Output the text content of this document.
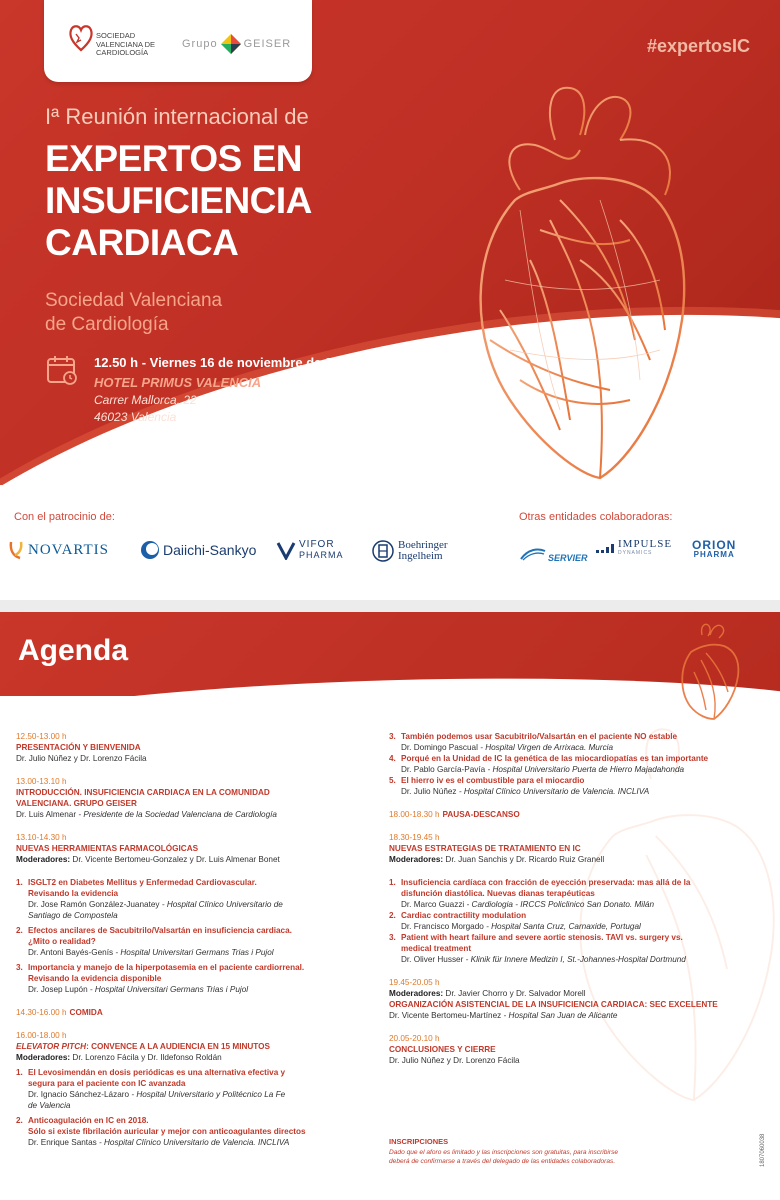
SOCIEDAD VALENCIANA DE CARDIOLOGÍA
Grupo GEISER	#expertosIC
Iª Reunión internacional de
EXPERTOS EN
INSUFICIENCIA
CARDIACA
Sociedad Valenciana
de Cardiología
12.50 h - Viernes 16 de noviembre de 2018
HOTEL PRIMUS VALENCIA
Carrer Mallorca, 22
46023 Valencia
Con el patrocinio de:	Otras entidades colaboradoras:
NOVARTIS	Daiichi-Sankyo	VIFOR
PHARMA
Boehringer
Ingelheim	SERVIER
IMPULSE
DYNAMICS
ORION
PHARMA
Agenda
12.50-13.00 h
PRESENTACIÓN Y BIENVENIDA
Dr. Julio Núñez y Dr. Lorenzo Fácila
13.00-13.10 h
INTRODUCCIÓN. INSUFICIENCIA CARDIACA EN LA COMUNIDAD
VALENCIANA. GRUPO GEISER
Dr. Luis Almenar - Presidente de la Sociedad Valenciana de Cardiología
13.10-14.30 h
NUEVAS HERRAMIENTAS FARMACOLÓGICAS
Moderadores: Dr. Vicente Bertomeu-Gonzalez y Dr. Luis Almenar Bonet
1. ISGLT2 en Diabetes Mellitus y Enfermedad Cardiovascular.
Revisando la evidencia
Dr. Jose Ramón González-Juanatey - Hospital Clínico Universitario de
Santiago de Compostela
2. Efectos ancilares de Sacubitrilo/Valsartán en insuficiencia cardiaca.
¿Mito o realidad?
Dr. Antoni Bayés-Genís - Hospital Universitari Germans Trias i Pujol
3. Importancia y manejo de la hiperpotasemia en el paciente cardiorrenal.
Revisando la evidencia disponible
Dr. Josep Lupón - Hospital Universitari Germans Trias i Pujol
14.30-16.00 h COMIDA
16.00-18.00 h
ELEVATOR PITCH: CONVENCE A LA AUDIENCIA EN 15 MINUTOS
Moderadores: Dr. Lorenzo Fácila y Dr. Ildefonso Roldán
1. El Levosimendán en dosis periódicas es una alternativa efectiva y
segura para el paciente con IC avanzada
Dr. Ignacio Sánchez-Lázaro - Hospital Universitario y Politécnico La Fe
de Valencia
2. Anticoagulación en IC en 2018.
Sólo si existe fibrilación auricular y mejor con anticoagulantes directos
Dr. Enrique Santas - Hospital Clínico Universitario de Valencia. INCLIVA
3. También podemos usar Sacubitrilo/Valsartán en el paciente NO estable
Dr. Domingo Pascual - Hospital Virgen de Arrixaca. Murcia
4. Porqué en la Unidad de IC la genética de las miocardiopatías es tan importante
Dr. Pablo García-Pavía - Hospital Universitario Puerta de Hierro Majadahonda
5. El hierro iv es el combustible para el miocardio
Dr. Julio Núñez - Hospital Clínico Universitario de Valencia. INCLIVA
18.00-18.30 h PAUSA-DESCANSO
18.30-19.45 h
NUEVAS ESTRATEGIAS DE TRATAMIENTO EN IC
Moderadores: Dr. Juan Sanchis y Dr. Ricardo Ruiz Granell
1. Insuficiencia cardíaca con fracción de eyección preservada: mas allá de la
disfunción diastólica. Nuevas dianas terapéuticas
Dr. Marco Guazzi - Cardiologia - IRCCS Policlinico San Donato. Milán
2. Cardiac contractility modulation
Dr. Francisco Morgado - Hospital Santa Cruz, Carnaxide, Portugal
3. Patient with heart failure and severe aortic stenosis. TAVI vs. surgery vs.
medical treatment
Dr. Oliver Husser - Klinik für Innere Medizin I, St.-Johannes-Hospital Dortmund
19.45-20.05 h
Moderadores: Dr. Javier Chorro y Dr. Salvador Morell
ORGANIZACIÓN ASISTENCIAL DE LA INSUFICIENCIA CARDIACA: SEC EXCELENTE
Dr. Vicente Bertomeu-Martínez - Hospital San Juan de Alicante
20.05-20.10 h
CONCLUSIONES Y CIERRE
Dr. Julio Núñez y Dr. Lorenzo Fácila
INSCRIPCIONES
Dado que el aforo es limitado y las inscripciones son gratuitas, para inscribirse
deberá de confirmarse a través del delegado de las entidades colaboradoras.	1807060038
